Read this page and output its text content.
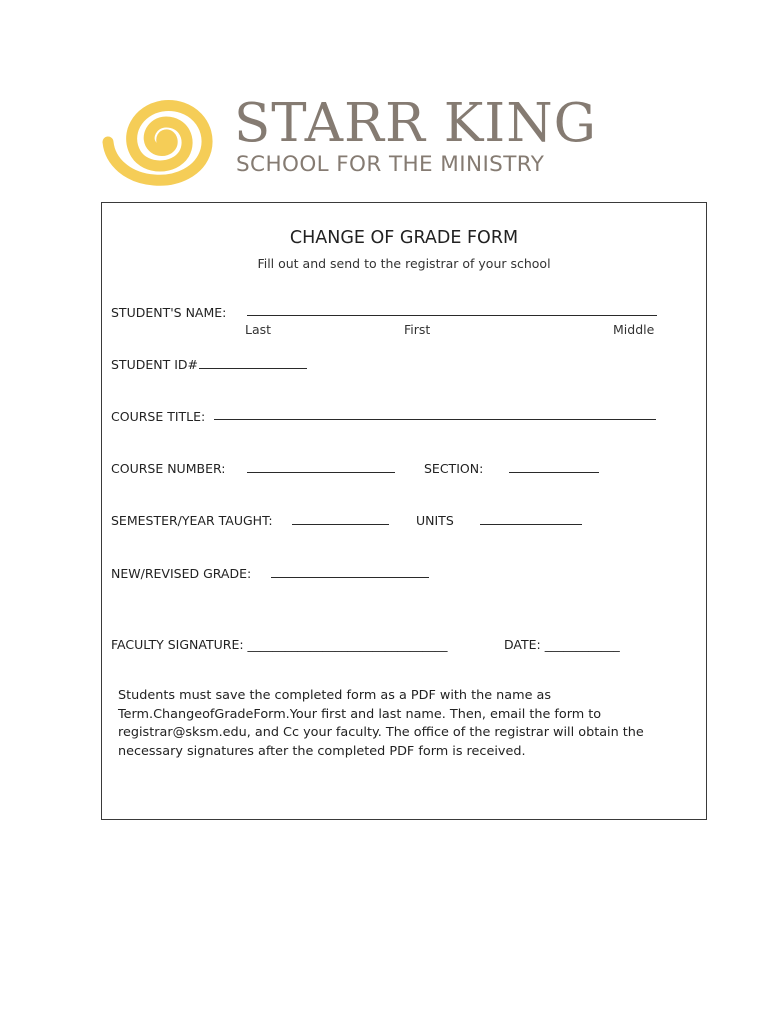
STARR KING
SCHOOL FOR THE MINISTRY
CHANGE OF GRADE FORM
Fill out and send to the registrar of your school
STUDENT'S NAME:
Last	First	Middle
STUDENT ID#
COURSE TITLE:
COURSE NUMBER:	SECTION:
SEMESTER/YEAR TAUGHT:	UNITS
NEW/REVISED GRADE:
FACULTY SIGNATURE: ________________________________	DATE: ____________
Students must save the completed form as a PDF with the name as Term.ChangeofGradeForm.Your first and last name. Then, email the form to registrar@sksm.edu, and Cc your faculty. The office of the registrar will obtain the necessary signatures after the completed PDF form is received.
